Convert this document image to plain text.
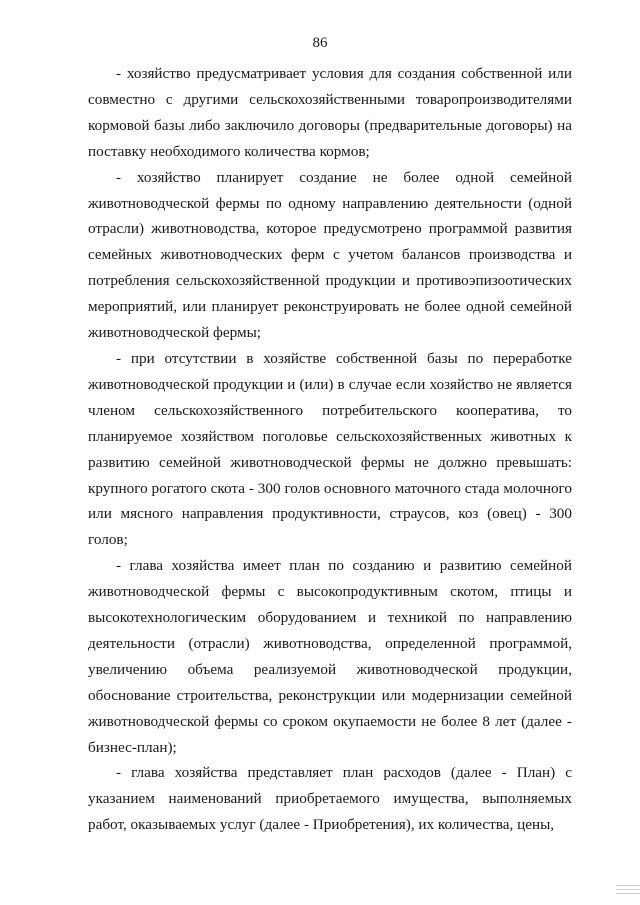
86

- хозяйство предусматривает условия для создания собственной или совместно с другими сельскохозяйственными товаропроизводителями кормовой базы либо заключило договоры (предварительные договоры) на поставку необходимого количества кормов;

- хозяйство планирует создание не более одной семейной животноводческой фермы по одному направлению деятельности (одной отрасли) животноводства, которое предусмотрено программой развития семейных животноводческих ферм с учетом балансов производства и потребления сельскохозяйственной продукции и противоэпизоотических мероприятий, или планирует реконструировать не более одной семейной животноводческой фермы;

- при отсутствии в хозяйстве собственной базы по переработке животноводческой продукции и (или) в случае если хозяйство не является членом сельскохозяйственного потребительского кооператива, то планируемое хозяйством поголовье сельскохозяйственных животных к развитию семейной животноводческой фермы не должно превышать: крупного рогатого скота - 300 голов основного маточного стада молочного или мясного направления продуктивности, страусов, коз (овец) - 300 голов;

- глава хозяйства имеет план по созданию и развитию семейной животноводческой фермы с высокопродуктивным скотом, птицы и высокотехнологическим оборудованием и техникой по направлению деятельности (отрасли) животноводства, определенной программой, увеличению объема реализуемой животноводческой продукции, обоснование строительства, реконструкции или модернизации семейной животноводческой фермы со сроком окупаемости не более 8 лет (далее - бизнес-план);

- глава хозяйства представляет план расходов (далее - План) с указанием наименований приобретаемого имущества, выполняемых работ, оказываемых услуг (далее - Приобретения), их количества, цены,
